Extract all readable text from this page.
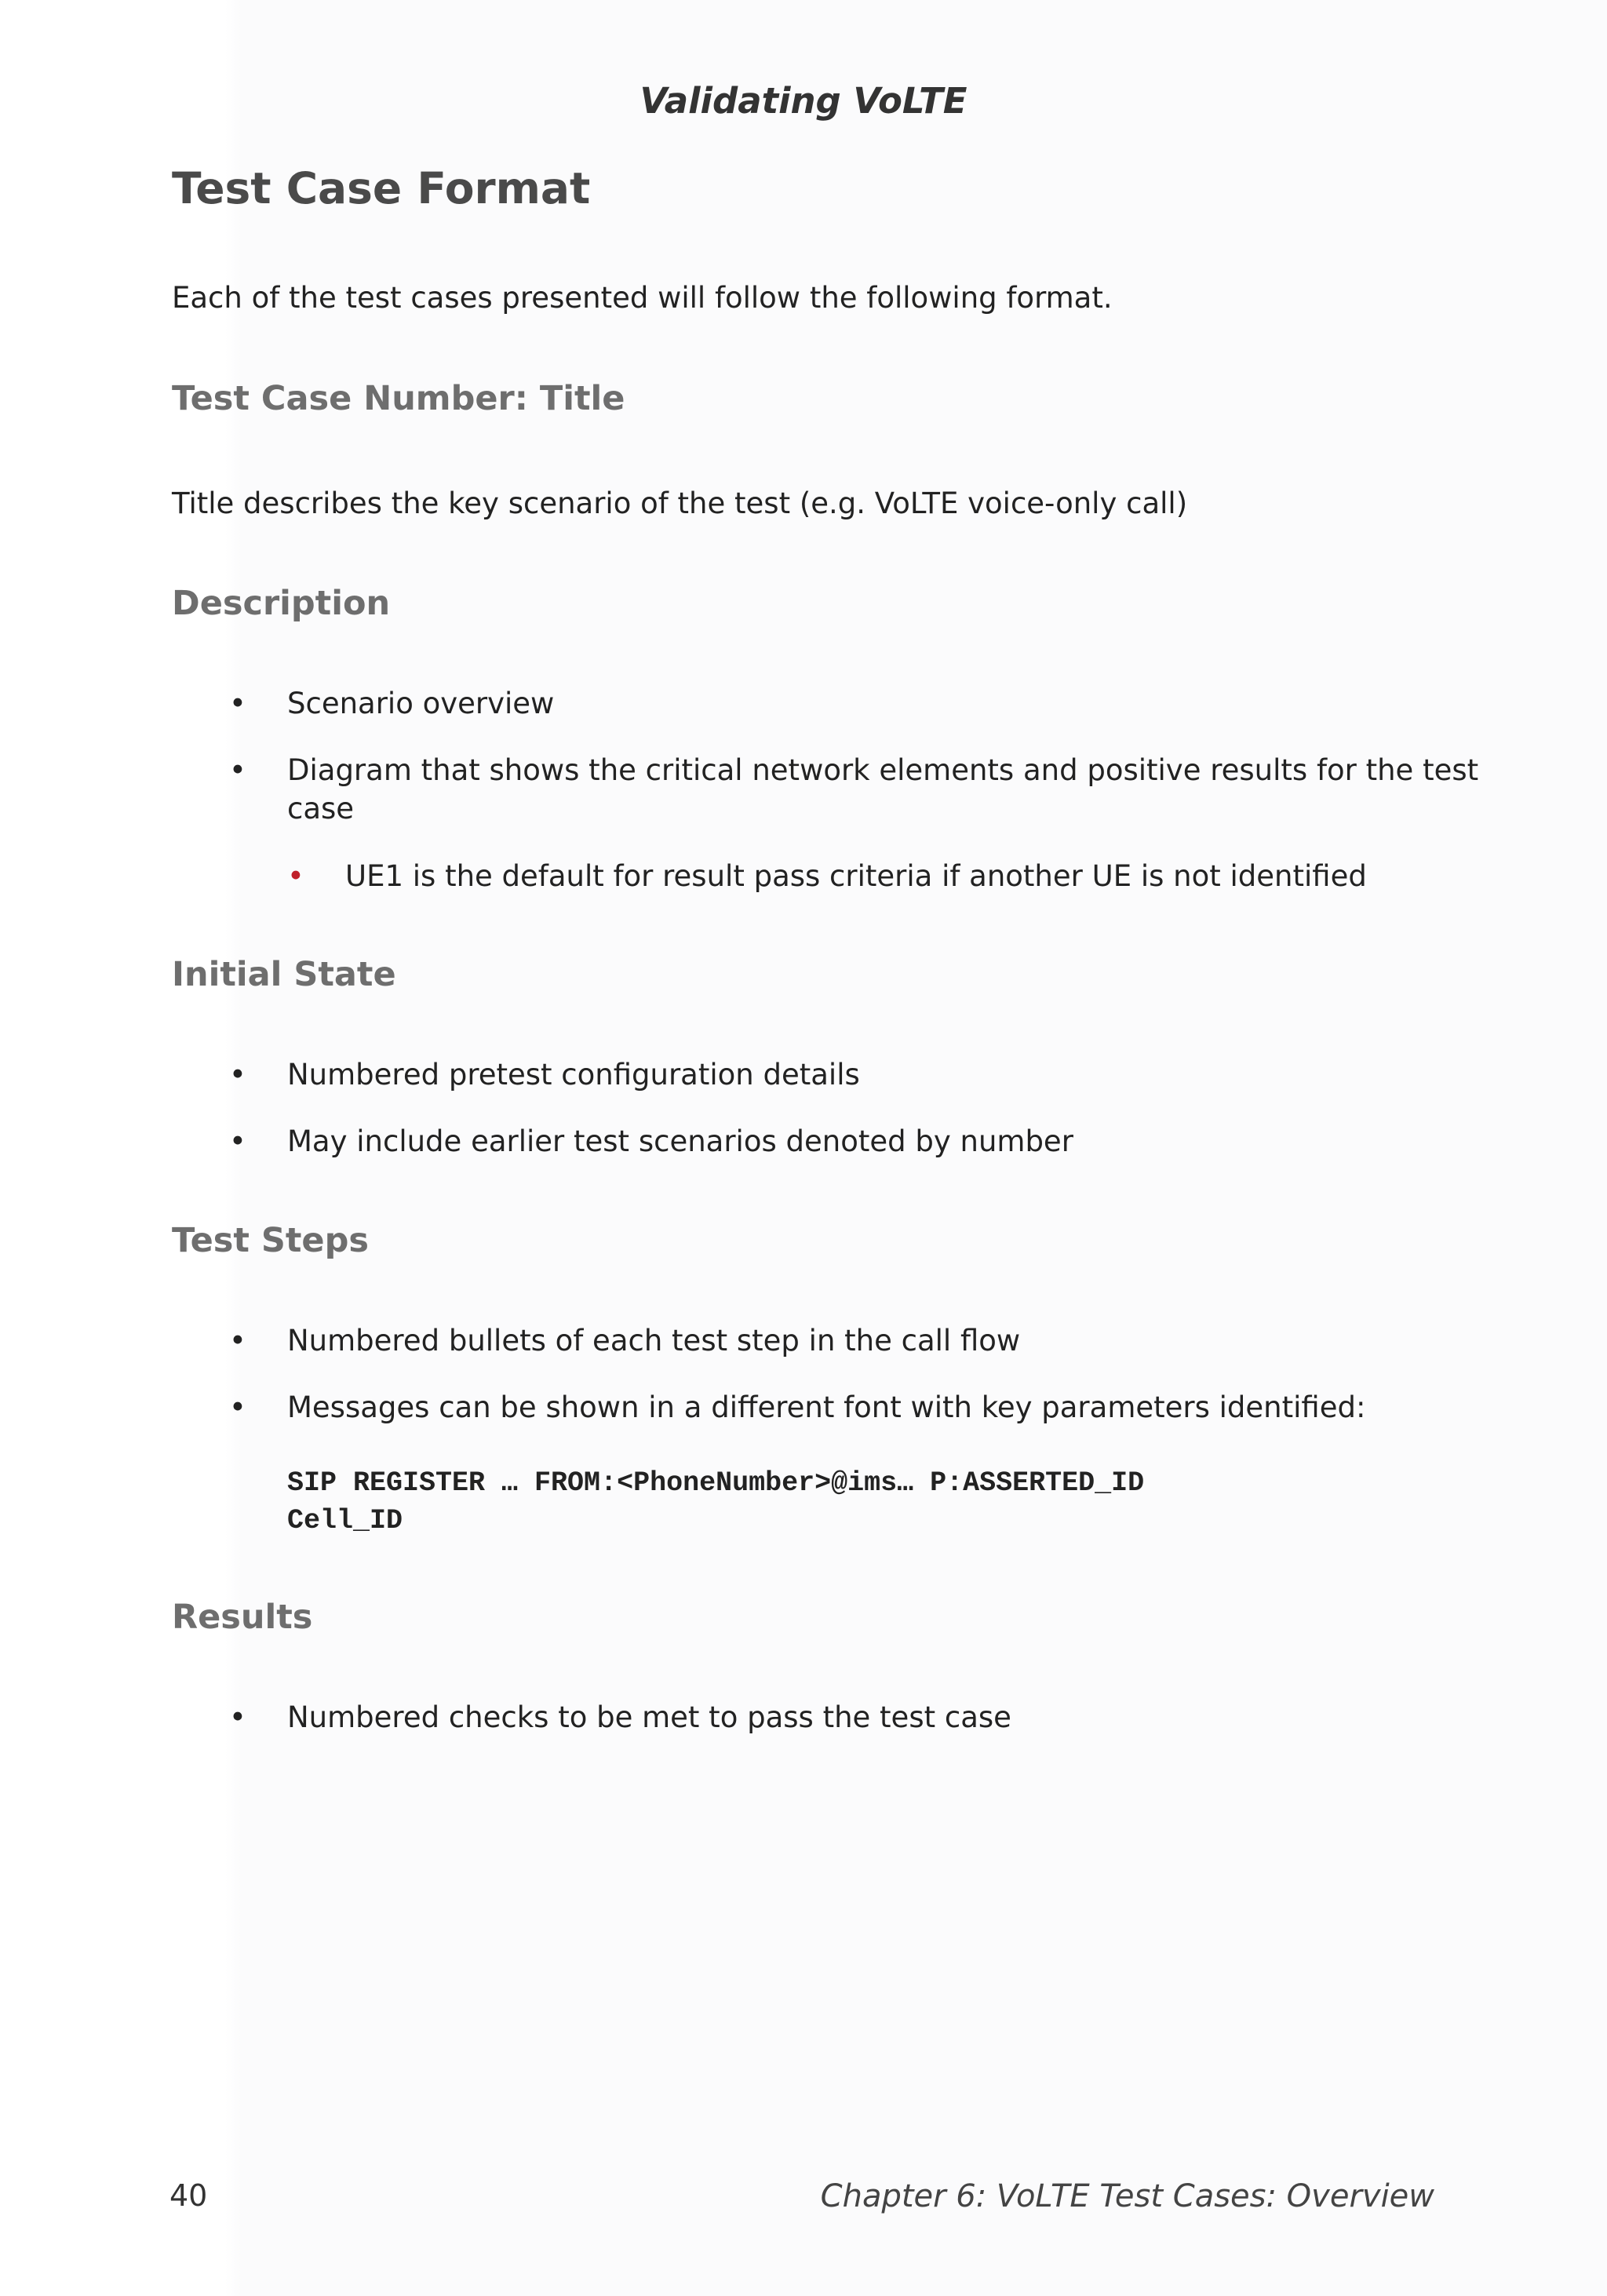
Validating VoLTE

Test Case Format

Each of the test cases presented will follow the following format.

Test Case Number: Title

Title describes the key scenario of the test (e.g. VoLTE voice-only call)

Description
• Scenario overview

• Diagram that shows the critical network elements and positive results for the test

case

• UE1 is the default for result pass criteria if another UE is not identified

Initial State
• Numbered pretest configuration details

• May include earlier test scenarios denoted by number

Test Steps
• Numbered bullets of each test step in the call flow

• Messages can be shown in a different font with key parameters identified:

SIP REGISTER … FROM:<PhoneNumber>@ims… P:ASSERTED_ID

Cell_ID

Results
• Numbered checks to be met to pass the test case

40	Chapter 6: VoLTE Test Cases: Overview
